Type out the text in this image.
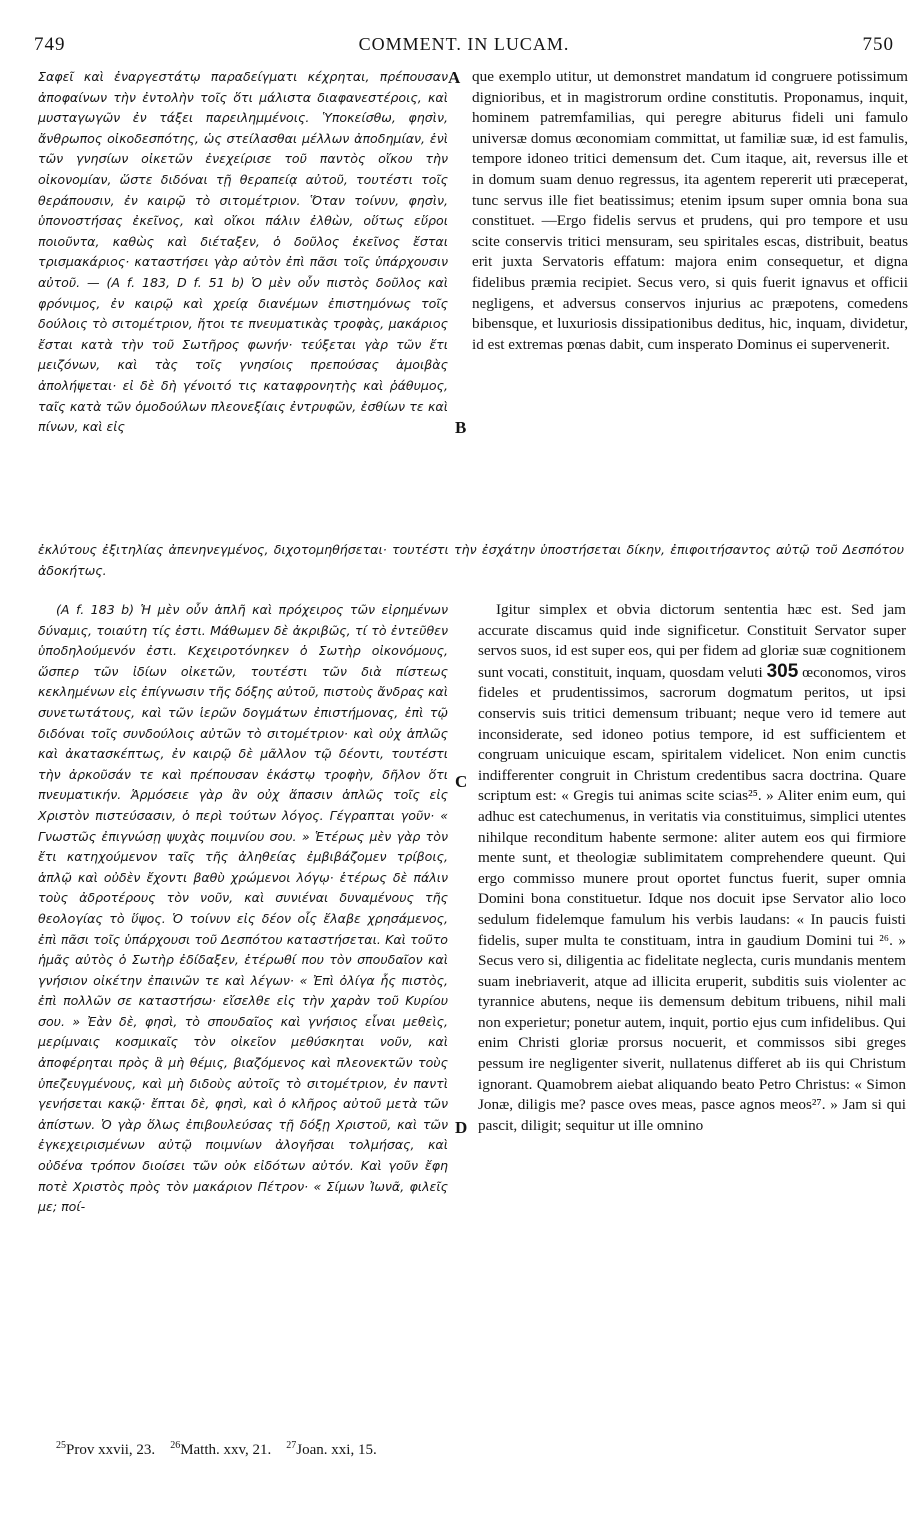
749	COMMENT. IN LUCAM.	750

Σαφεῖ καὶ ἐναργεστάτῳ παραδείγματι κέχρηται, πρέπουσαν ἀποφαίνων τὴν ἐντολὴν τοῖς ὅτι μάλιστα διαφανεστέροις, καὶ μυσταγωγῶν ἐν τάξει παρειλημμένοις. Ὑποκείσθω, φησὶν, ἄνθρωπος οἰκοδεσπότης, ὡς στείλασθαι μέλλων ἀποδημίαν, ἑνὶ τῶν γνησίων οἰκετῶν ἐνεχείρισε τοῦ παντὸς οἴκου τὴν οἰκονομίαν, ὥστε διδόναι τῇ θεραπείᾳ αὐτοῦ, τουτέστι τοῖς θεράπουσιν, ἐν καιρῷ τὸ σιτομέτριον. Ὅταν τοίνυν, φησὶν, ὑπονοστήσας ἐκεῖνος, καὶ οἴκοι πάλιν ἐλθὼν, οὕτως εὕροι ποιοῦντα, καθὼς καὶ διέταξεν, ὁ δοῦλος ἐκεῖνος ἔσται τρισμακάριος· καταστήσει γὰρ αὐτὸν ἐπὶ πᾶσι τοῖς ὑπάρχουσιν αὐτοῦ. — (A f. 183, D f. 51 b) Ὁ μὲν οὖν πιστὸς δοῦλος καὶ φρόνιμος, ἐν καιρῷ καὶ χρείᾳ διανέμων ἐπιστημόνως τοῖς δούλοις τὸ σιτομέτριον, ἤτοι τε πνευματικὰς τροφὰς, μακάριος ἔσται κατὰ τὴν τοῦ Σωτῆρος φωνήν· τεύξεται γὰρ τῶν ἔτι μειζόνων, καὶ τὰς τοῖς γνησίοις πρεπούσας ἀμοιβὰς ἀπολήψεται· εἰ δὲ δὴ γένοιτό τις καταφρονητὴς καὶ ῥάθυμος, ταῖς κατὰ τῶν ὁμοδούλων πλεονεξίαις ἐντρυφῶν, ἐσθίων τε καὶ πίνων, καὶ εἰς

A
B

que exemplo utitur, ut demonstret mandatum id congruere potissimum dignioribus, et in magistrorum ordine constitutis. Proponamus, inquit, hominem patremfamilias, qui peregre abiturus fideli uni famulo universæ domus œconomiam committat, ut familiæ suæ, id est famulis, tempore idoneo tritici demensum det. Cum itaque, ait, reversus ille et in domum suam denuo regressus, ita agentem repererit uti præceperat, tunc servus ille fiet beatissimus; etenim ipsum super omnia bona sua constituet. —Ergo fidelis servus et prudens, qui pro tempore et usu scite conservis tritici mensuram, seu spiritales escas, distribuit, beatus erit juxta Servatoris effatum: majora enim consequetur, et digna fidelibus præmia recipiet. Secus vero, si quis fuerit ignavus et officii negligens, et adversus conservos injurius ac præpotens, comedens bibensque, et luxuriosis dissipationibus deditus, hic, inquam, dividetur, id est extremas pœnas dabit, cum insperato Dominus ei supervenerit.

ἐκλύτους ἐξιτηλίας ἀπενηνεγμένος, διχοτομηθήσεται· τουτέστι τὴν ἐσχάτην ὑποστήσεται δίκην, ἐπιφοιτήσαντος αὐτῷ τοῦ Δεσπότου ἀδοκήτως.

(A f. 183 b) Ἡ μὲν οὖν ἁπλῆ καὶ πρόχειρος τῶν εἰρημένων δύναμις, τοιαύτη τίς ἐστι. Μάθωμεν δὲ ἀκριβῶς, τί τὸ ἐντεῦθεν ὑποδηλούμενόν ἐστι. Κεχειροτόνηκεν ὁ Σωτὴρ οἰκονόμους, ὥσπερ τῶν ἰδίων οἰκετῶν, τουτέστι τῶν διὰ πίστεως κεκλημένων εἰς ἐπίγνωσιν τῆς δόξης αὐτοῦ, πιστοὺς ἄνδρας καὶ συνετωτάτους, καὶ τῶν ἱερῶν δογμάτων ἐπιστήμονας, ἐπὶ τῷ διδόναι τοῖς συνδούλοις αὐτῶν τὸ σιτομέτριον· καὶ οὐχ ἁπλῶς καὶ ἀκατασκέπτως, ἐν καιρῷ δὲ μᾶλλον τῷ δέοντι, τουτέστι τὴν ἀρκοῦσάν τε καὶ πρέπουσαν ἑκάστῳ τροφὴν, δῆλον ὅτι πνευματικήν. Ἁρμόσειε γὰρ ἂν οὐχ ἅπασιν ἁπλῶς τοῖς εἰς Χριστὸν πιστεύσασιν, ὁ περὶ τούτων λόγος. Γέγραπται γοῦν· « Γνωστῶς ἐπιγνώσῃ ψυχὰς ποιμνίου σου. » Ἑτέρως μὲν γὰρ τὸν ἔτι κατηχούμενον ταῖς τῆς ἀληθείας ἐμβιβάζομεν τρίβοις, ἁπλῷ καὶ οὐδὲν ἔχοντι βαθὺ χρώμενοι λόγῳ· ἑτέρως δὲ πάλιν τοὺς ἀδροτέρους τὸν νοῦν, καὶ συνιέναι δυναμένους τῆς θεολογίας τὸ ὕψος. Ὁ τοίνυν εἰς δέον οἷς ἔλαβε χρησάμενος, ἐπὶ πᾶσι τοῖς ὑπάρχουσι τοῦ Δεσπότου καταστήσεται. Καὶ τοῦτο ἡμᾶς αὐτὸς ὁ Σωτὴρ ἐδίδαξεν, ἑτέρωθί που τὸν σπουδαῖον καὶ γνήσιον οἰκέτην ἐπαινῶν τε καὶ λέγων· « Ἐπὶ ὀλίγα ἧς πιστὸς, ἐπὶ πολλῶν σε καταστήσω· εἴσελθε εἰς τὴν χαρὰν τοῦ Κυρίου σου. » Ἐὰν δὲ, φησὶ, τὸ σπουδαῖος καὶ γνήσιος εἶναι μεθεὶς, μερίμναις κοσμικαῖς τὸν οἰκεῖον μεθύσκηται νοῦν, καὶ ἀποφέρηται πρὸς ἃ μὴ θέμις, βιαζόμενος καὶ πλεονεκτῶν τοὺς ὑπεζευγμένους, καὶ μὴ διδοὺς αὐτοῖς τὸ σιτομέτριον, ἐν παντὶ γενήσεται κακῷ· ἔπται δὲ, φησὶ, καὶ ὁ κλῆρος αὐτοῦ μετὰ τῶν ἀπίστων. Ὁ γὰρ ὅλως ἐπιβουλεύσας τῇ δόξῃ Χριστοῦ, καὶ τῶν ἐγκεχειρισμένων αὐτῷ ποιμνίων ἀλογῆσαι τολμήσας, καὶ οὐδένα τρόπον διοίσει τῶν οὐκ εἰδότων αὐτόν. Καὶ γοῦν ἔφη ποτὲ Χριστὸς πρὸς τὸν μακάριον Πέτρον· « Σίμων Ἰωνᾶ, φιλεῖς με; ποί-

C
D

Igitur simplex et obvia dictorum sententia hæc est. Sed jam accurate discamus quid inde significetur. Constituit Servator super servos suos, id est super eos, qui per fidem ad gloriæ suæ cognitionem sunt vocati, constituit, inquam, quosdam veluti 305 œconomos, viros fideles et prudentissimos, sacrorum dogmatum peritos, ut ipsi conservis suis tritici demensum tribuant; neque vero id temere aut inconsiderate, sed idoneo potius tempore, id est sufficientem et congruam unicuique escam, spiritalem videlicet. Non enim cunctis indifferenter congruit in Christum credentibus sacra doctrina. Quare scriptum est: « Gregis tui animas scite scias²⁵. » Aliter enim eum, qui adhuc est catechumenus, in veritatis via constituimus, simplici utentes nihilque reconditum habente sermone: aliter autem eos qui firmiore mente sunt, et theologiæ sublimitatem comprehendere queunt. Qui ergo commisso munere prout oportet functus fuerit, super omnia Domini bona constituetur. Idque nos docuit ipse Servator alio loco sedulum fidelemque famulum his verbis laudans: « In paucis fuisti fidelis, super multa te constituam, intra in gaudium Domini tui ²⁶. » Secus vero si, diligentia ac fidelitate neglecta, curis mundanis mentem suam inebriaverit, atque ad illicita eruperit, subditis suis violenter ac tyrannice abutens, neque iis demensum debitum tribuens, nihil mali non experietur; ponetur autem, inquit, portio ejus cum infidelibus. Qui enim Christi gloriæ prorsus nocuerit, et commissos sibi greges pessum ire negligenter siverit, nullatenus differet ab iis qui Christum ignorant. Quamobrem aiebat aliquando beato Petro Christus: « Simon Jonæ, diligis me? pasce oves meas, pasce agnos meos²⁷. » Jam si qui pascit, diligit; sequitur ut ille omnino

$^{25}$Prov xxvii, 23. $^{26}$Matth. xxv, 21. $^{27}$Joan. xxi, 15.
